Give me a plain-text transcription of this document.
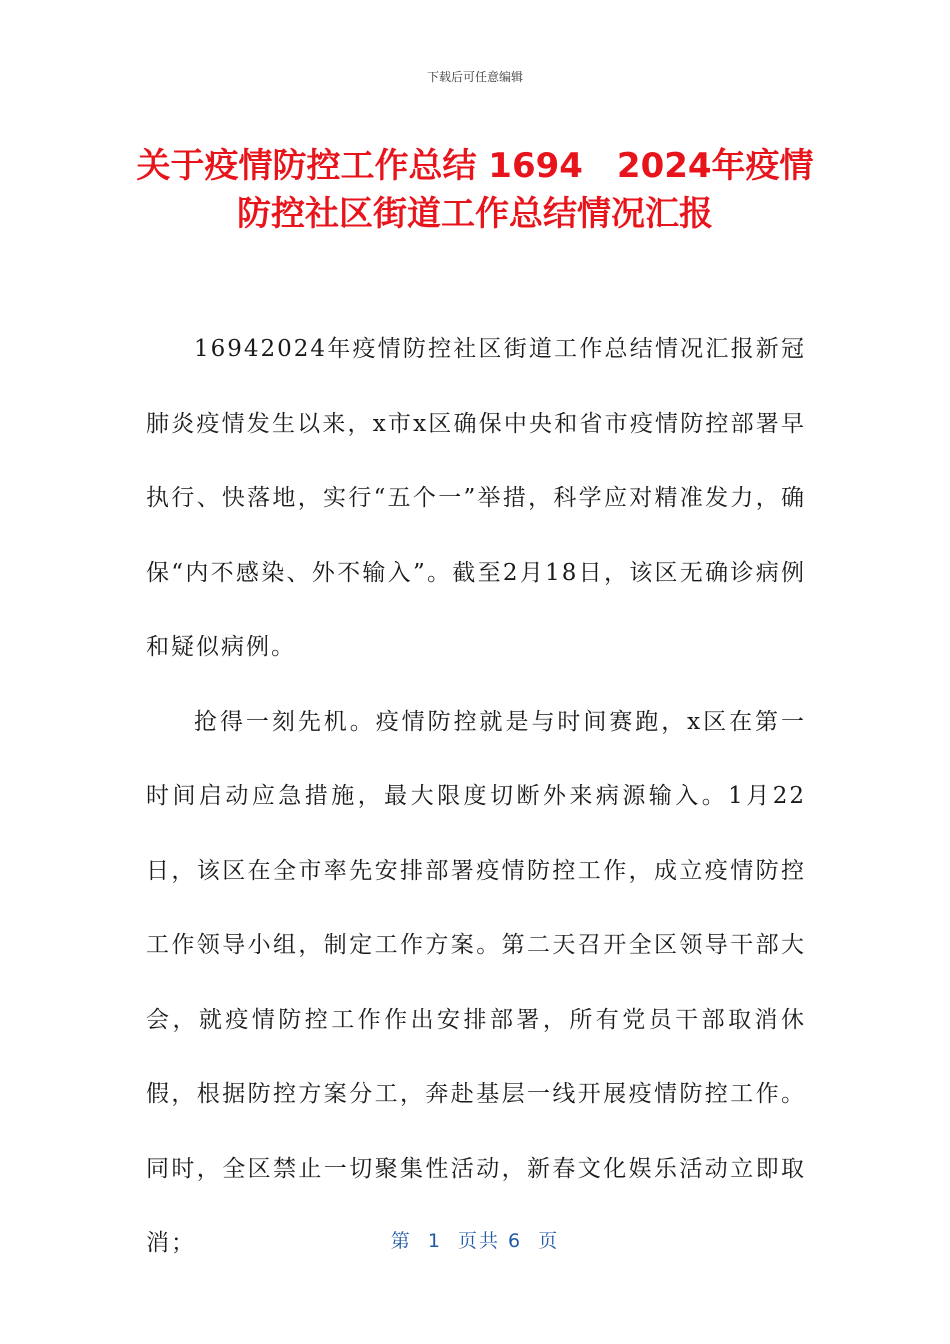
下载后可任意编辑
关于疫情防控工作总结 1694　2024年疫情
防控社区街道工作总结情况汇报

16942024年疫情防控社区街道工作总结情况汇报新冠肺炎疫情发生以来，x市x区确保中央和省市疫情防控部署早执行、快落地，实行“五个一”举措，科学应对精准发力，确保“内不感染、外不输入”。截至2月18日，该区无确诊病例和疑似病例。

抢得一刻先机。疫情防控就是与时间赛跑，x区在第一时间启动应急措施，最大限度切断外来病源输入。1月22日，该区在全市率先安排部署疫情防控工作，成立疫情防控工作领导小组，制定工作方案。第二天召开全区领导干部大会，就疫情防控工作作出安排部署，所有党员干部取消休假，根据防控方案分工，奔赴基层一线开展疫情防控工作。同时，全区禁止一切聚集性活动，新春文化娱乐活动立即取消；	第  1  页共 6  页
